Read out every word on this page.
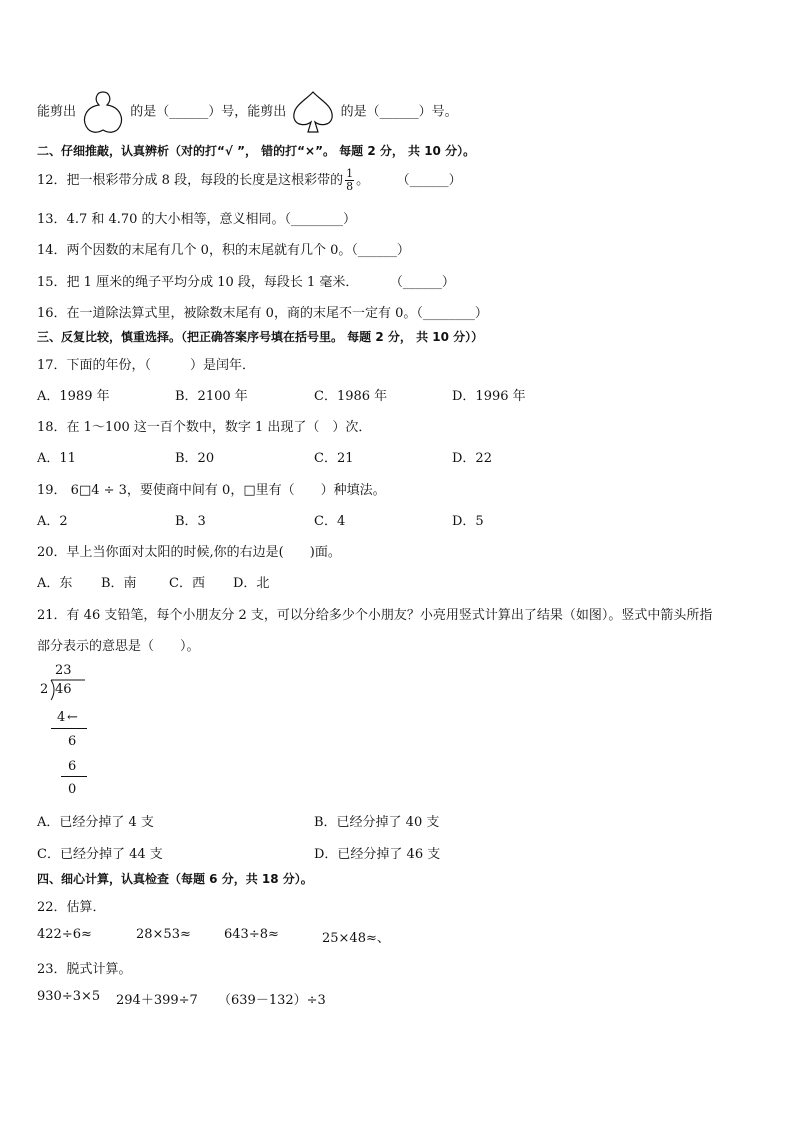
能剪出	的是（______）号，能剪出	的是（______）号。
二、仔细推敲，认真辨析（对的打“√ ”， 错的打“×”。 每题 2 分， 共 10 分）。
12．把一根彩带分成 8 段，每段的长度是这根彩带的 $\frac{1}{8}$ 。	（______）
13．4.7 和 4.70 的大小相等，意义相同。（________）
14．两个因数的末尾有几个 0，积的末尾就有几个 0。（______）
15．把 1 厘米的绳子平均分成 10 段，每段长 1 毫米．	（______）
16．在一道除法算式里，被除数末尾有 0，商的末尾不一定有 0。（________）
三、反复比较，慎重选择。（把正确答案序号填在括号里。 每题 2 分， 共 10 分））
17．下面的年份，（　　　）是闰年．
A．1989 年	B．2100 年	C．1986 年	D．1996 年
18．在 1～100 这一百个数中，数字 1 出现了（　）次．
A．11	B．20	C．21	D．22
19． 6□4 ÷ 3，要使商中间有 0，□里有（　　）种填法。
A．2	B．3	C．4	D．5
20．早上当你面对太阳的时候,你的右边是(　　)面。
A．东 B．南 C．西 D．北
21．有 46 支铅笔，每个小朋友分 2 支，可以分给多少个小朋友？小亮用竖式计算出了结果（如图）。竖式中箭头所指
部分表示的意思是（　　）。
23
2 46
4 ←
6
6
0
A．已经分掉了 4 支	B．已经分掉了 40 支
C．已经分掉了 44 支	D．已经分掉了 46 支
四、细心计算，认真检查（每题 6 分，共 18 分）。
22．估算．
422÷6≈	28×53≈	643÷8≈	25×48≈、
23．脱式计算。
930÷3×5 294＋399÷7 （639－132）÷3
